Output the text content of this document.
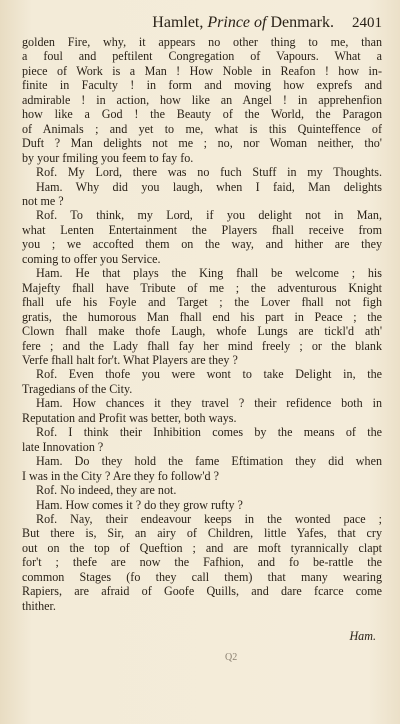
Hamlet, Prince of Denmark. 2401
golden Fire, why, it appears no other thing to me, than
a foul and peftilent Congregation of Vapours. What a
piece of Work is a Man ! How Noble in Reafon ! how in-
finite in Faculty ! in form and moving how exprefs and
admirable ! in action, how like an Angel ! in apprehenfion
how like a God ! the Beauty of the World, the Paragon
of Animals ; and yet to me, what is this Quinteffence of
Duft ? Man delights not me ; no, nor Woman neither, tho'
by your fmiling you feem to fay fo.
Rof. My Lord, there was no fuch Stuff in my Thoughts.
Ham. Why did you laugh, when I faid, Man delights
not me ?
Rof. To think, my Lord, if you delight not in Man,
what Lenten Entertainment the Players fhall receive from
you ; we accofted them on the way, and hither are they
coming to offer you Service.
Ham. He that plays the King fhall be welcome ; his
Majefty fhall have Tribute of me ; the adventurous Knight
fhall ufe his Foyle and Target ; the Lover fhall not figh
gratis, the humorous Man fhall end his part in Peace ; the
Clown fhall make thofe Laugh, whofe Lungs are tickl'd ath'
fere ; and the Lady fhall fay her mind freely ; or the blank
Verfe fhall halt for't. What Players are they ?
Rof. Even thofe you were wont to take Delight in, the
Tragedians of the City.
Ham. How chances it they travel ? their refidence both in
Reputation and Profit was better, both ways.
Rof. I think their Inhibition comes by the means of the
late Innovation ?
Ham. Do they hold the fame Eftimation they did when
I was in the City ? Are they fo follow'd ?
Rof. No indeed, they are not.
Ham. How comes it ? do they grow rufty ?
Rof. Nay, their endeavour keeps in the wonted pace ;
But there is, Sir, an airy of Children, little Yafes, that cry
out on the top of Queftion ; and are moft tyrannically clapt
for't ; thefe are now the Fafhion, and fo be-rattle the
common Stages (fo they call them) that many wearing
Rapiers, are afraid of Goofe Quills, and dare fcarce come
thither.
Ham.
Q2
